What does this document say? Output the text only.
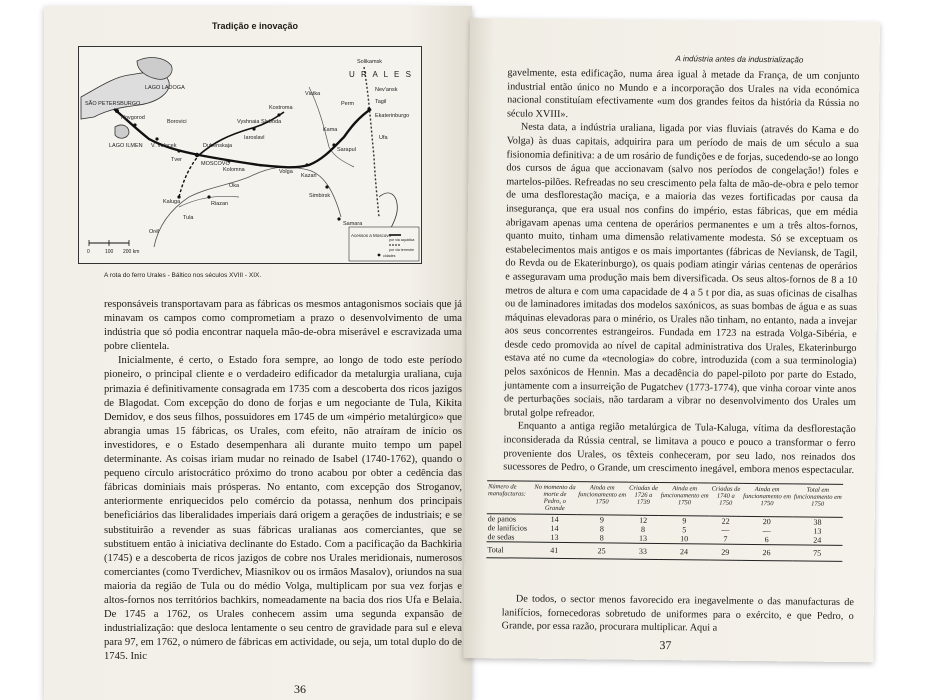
Tradição e inovação
SÃO PETERSBURGO
LAGO LADOGA
Novgorod
LAGO ILMEN
Borovici
V. Volocek
Vyshnaia Sloboda
Kostroma
Iaroslavl
Tver
Dubenskaja
MOSCOVO
Kolomna
Kaluga	Riazan
Tula
Orël
Oka
Volga
Viatka
Kazan
Sarapul
Simbirsk
Samara
Ufa
U R A L E S
Nev'ansk
Ekaterinburgo
Perm	Tagil
Solikamsk
Kama
0	100 200 km
Acessos a Moscovo
por via aquática
por via terrestre
cidades
A rota do ferro Urales - Báltico nos séculos XVIII - XIX.

responsáveis transportavam para as fábricas os mesmos antagonismos sociais que já minavam os campos como comprometiam a prazo o desenvolvimento de uma indústria que só podia encontrar naquela mão-de-obra miserável e escravizada uma pobre clientela.

Inicialmente, é certo, o Estado fora sempre, ao longo de todo este período pioneiro, o principal cliente e o verdadeiro edificador da metalurgia uraliana, cuja primazia é definitivamente consagrada em 1735 com a descoberta dos ricos jazigos de Blagodat. Com excepção do dono de forjas e um negociante de Tula, Kikita Demidov, e dos seus filhos, possuidores em 1745 de um «império metalúrgico» que abrangia umas 15 fábricas, os Urales, com efeito, não atraíram de início os investidores, e o Estado desempenhara ali durante muito tempo um papel determinante. As coisas iriam mudar no reinado de Isabel (1740-1762), quando o pequeno círculo aristocrático próximo do trono acabou por obter a cedência das fábricas dominiais mais prósperas. No entanto, com excepção dos Stroganov, anteriormente enriquecidos pelo comércio da potassa, nenhum dos principais beneficiários das liberalidades imperiais dará origem a gerações de industriais; e se substituirão a revender as suas fábricas uralianas aos comerciantes, que se substituem então à iniciativa declinante do Estado. Com a pacificação da Bachkiria (1745) e a descoberta de ricos jazigos de cobre nos Urales meridionais, numerosos comerciantes (como Tverdichev, Miasnikov ou os irmãos Masalov), oriundos na sua maioria da região de Tula ou do médio Volga, multiplicam por sua vez forjas e altos-fornos nos territórios bachkirs, nomeadamente na bacia dos rios Ufa e Belaia. De 1745 a 1762, os Urales conhecem assim uma segunda expansão de industrialização: que desloca lentamente o seu centro de gravidade para sul e eleva para 97, em 1762, o número de fábricas em actividade, ou seja, um total duplo do de 1745. Inic

36
A indústria antes da industrialização

gavelmente, esta edificação, numa área igual à metade da França, de um conjunto industrial então único no Mundo e a incorporação dos Urales na vida económica nacional constituíam efectivamente «um dos grandes feitos da história da Rússia no século XVIII».

Nesta data, a indústria uraliana, ligada por vias fluviais (através do Kama e do Volga) às duas capitais, adquirira para um período de mais de um século a sua fisionomia definitiva: a de um rosário de fundições e de forjas, sucedendo-se ao longo dos cursos de água que accionavam (salvo nos períodos de congelação!) foles e martelos-pilões. Refreadas no seu crescimento pela falta de mão-de-obra e pelo temor de uma desflorestação maciça, e a maioria das vezes fortificadas por causa da insegurança, que era usual nos confins do império, estas fábricas, que em média abrigavam apenas uma centena de operários permanentes e um a três altos-fornos, quanto muito, tinham uma dimensão relativamente modesta. Só se exceptuam os estabelecimentos mais antigos e os mais importantes (fábricas de Neviansk, de Tagil, do Revda ou de Ekaterinburgo), os quais podiam atingir várias centenas de operários e asseguravam uma produção mais bem diversificada. Os seus altos-fornos de 8 a 10 metros de altura e com uma capacidade de 4 a 5 t por dia, as suas oficinas de cisalhas ou de laminadores imitadas dos modelos saxónicos, as suas bombas de água e as suas máquinas elevadoras para o minério, os Urales não tinham, no entanto, nada a invejar aos seus concorrentes estrangeiros. Fundada em 1723 na estrada Volga-Sibéria, e desde cedo promovida ao nível de capital administrativa dos Urales, Ekaterinburgo estava até no cume da «tecnologia» do cobre, introduzida (com a sua terminologia) pelos saxónicos de Hennin. Mas a decadência do papel-piloto por parte do Estado, juntamente com a insurreição de Pugatchev (1773-1774), que vinha coroar vinte anos de perturbações sociais, não tardaram a vibrar no desenvolvimento dos Urales um brutal golpe refreador.

Enquanto a antiga região metalúrgica de Tula-Kaluga, vítima da desflorestação inconsiderada da Rússia central, se limitava a pouco e pouco a transformar o ferro proveniente dos Urales, os têxteis conheceram, por seu lado, nos reinados dos sucessores de Pedro, o Grande, um crescimento inegável, embora menos espectacular.

Número de manufacturas:	No momento da morte de Pedro, o Grande	Ainda em funcionamento em 1750	Criadas de 1726 a 1739	Ainda em funcionamento em 1750	Criadas de 1740 a 1750	Ainda em funcionamento em 1750	Total em funcionamento em 1750
de panos	14	9	12	9	22	20	38
de lanifícios	14	8	8	5	—	—	13
de sedas	13	8	13	10	7	6	24
Total	41	25	33	24	29	26	75

De todos, o sector menos favorecido era inegavelmente o das manufacturas de lanifícios, fornecedoras sobretudo de uniformes para o exército, e que Pedro, o Grande, por essa razão, procurara multiplicar. Aqui a

37
